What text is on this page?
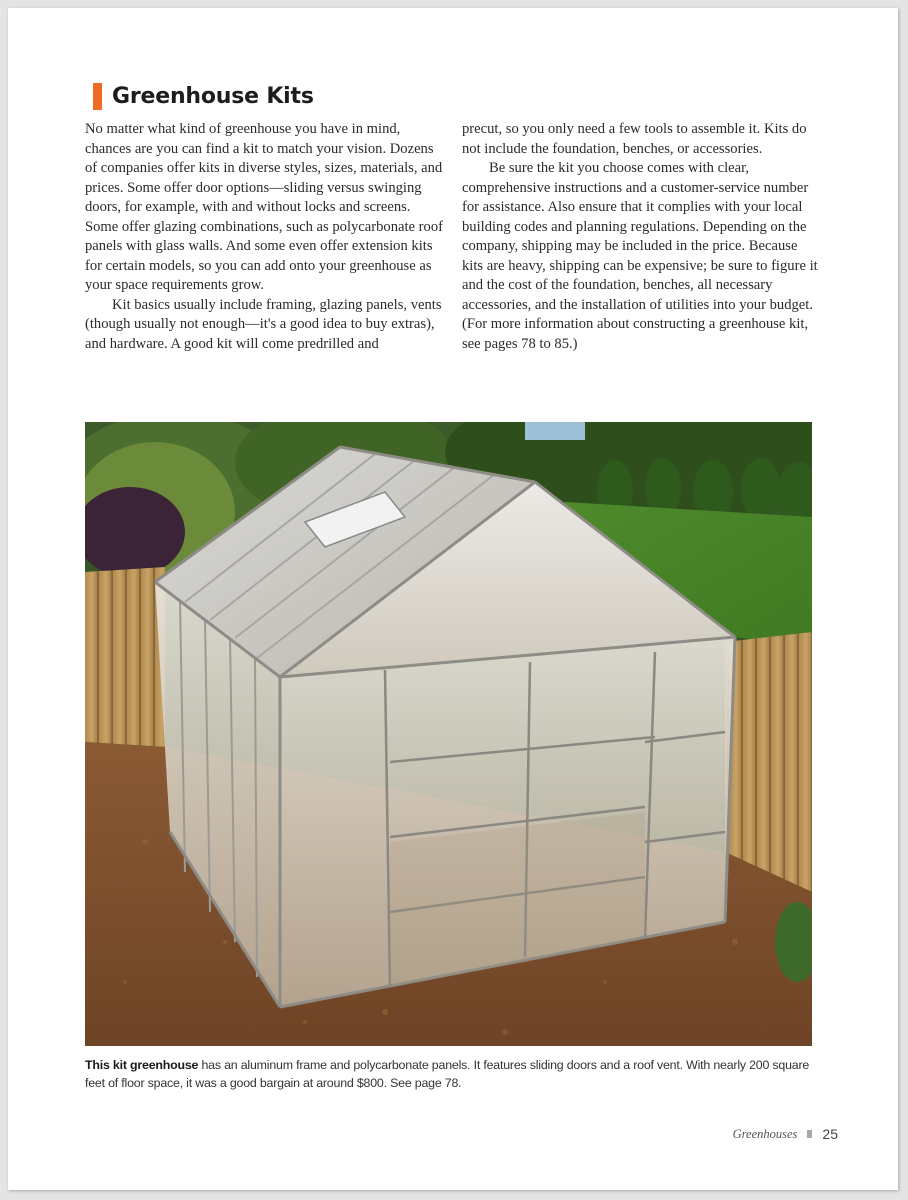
Greenhouse Kits

No matter what kind of greenhouse you have in mind, chances are you can find a kit to match your vision. Dozens of companies offer kits in diverse styles, sizes, materials, and prices. Some offer door options—sliding versus swinging doors, for example, with and without locks and screens. Some offer glazing combinations, such as polycarbonate roof panels with glass walls. And some even offer extension kits for certain models, so you can add onto your greenhouse as your space requirements grow.

Kit basics usually include framing, glazing panels, vents (though usually not enough—it's a good idea to buy extras), and hardware. A good kit will come predrilled and

precut, so you only need a few tools to assemble it. Kits do not include the foundation, benches, or accessories.

Be sure the kit you choose comes with clear, comprehensive instructions and a customer-service number for assistance. Also ensure that it complies with your local building codes and planning regulations. Depending on the company, shipping may be included in the price. Because kits are heavy, shipping can be expensive; be sure to figure it and the cost of the foundation, benches, all necessary accessories, and the installation of utilities into your budget. (For more information about constructing a greenhouse kit, see pages 78 to 85.)

This kit greenhouse has an aluminum frame and polycarbonate panels. It features sliding doors and a roof vent. With nearly 200 square feet of floor space, it was a good bargain at around $800. See page 78.
Greenhouses 25
